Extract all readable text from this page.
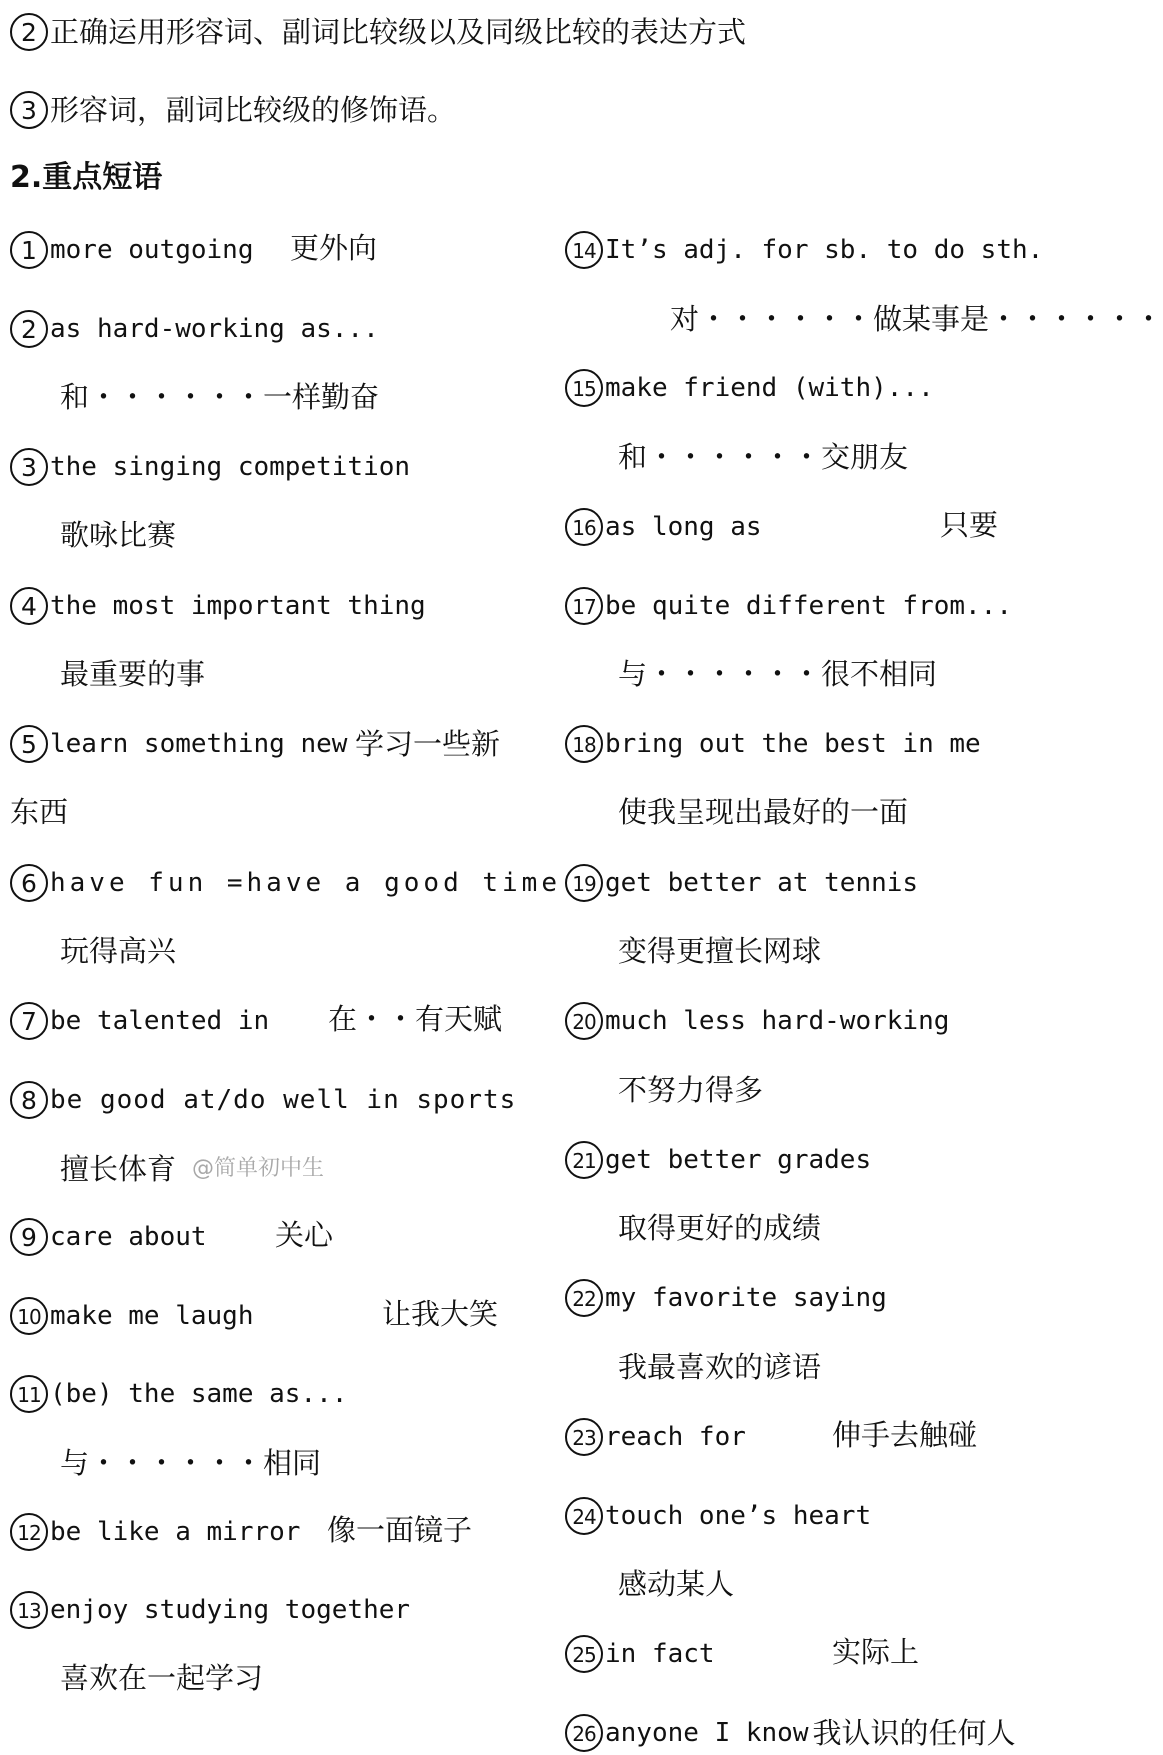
2 正确运用形容词、副词比较级以及同级比较的表达方式
3 形容词，副词比较级的修饰语。
2.重点短语
1 more outgoing 更外向
2 as hard-working as...
和・・・・・・一样勤奋
3 the singing competition
歌咏比赛
4 the most important thing
最重要的事
5 learn something new 学习一些新
东西
6 have fun =have a good time
玩得高兴
7 be talented in 在・・有天赋
8 be good at/do well in sports
擅长体育 @简单初中生
9 care about 关心
10 make me laugh	让我大笑
11 (be) the same as...
与・・・・・・相同
12 be like a mirror 像一面镜子
13 enjoy studying together
喜欢在一起学习
14 It’s adj. for sb. to do sth.
对・・・・・・做某事是・・・・・・
15 make friend (with)...
和・・・・・・交朋友
16 as long as	只要
17 be quite different from...
与・・・・・・很不相同
18 bring out the best in me
使我呈现出最好的一面
19 get better at tennis
变得更擅长网球
20 much less hard-working
不努力得多
21 get better grades
取得更好的成绩
22 my favorite saying
我最喜欢的谚语
23 reach for	伸手去触碰
24 touch one’s heart
感动某人
25 in fact	实际上
26 anyone I know 我认识的任何人
